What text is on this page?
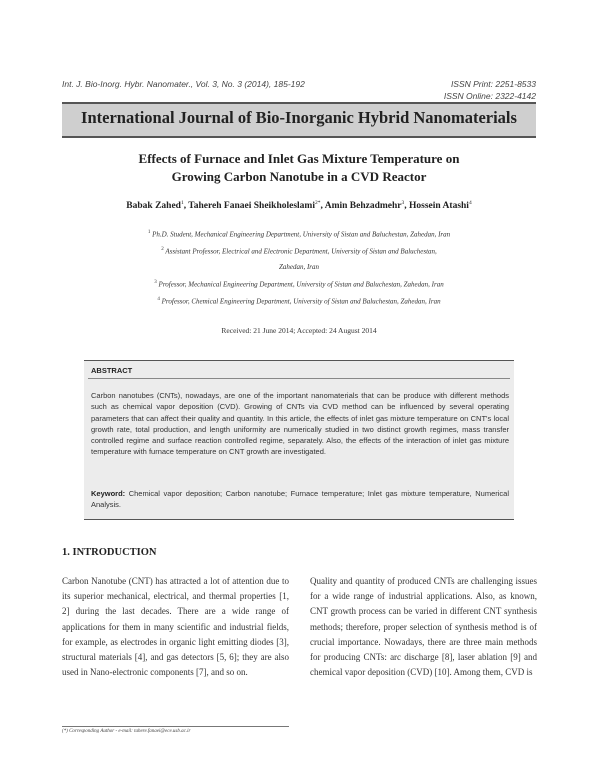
Int. J. Bio-Inorg. Hybr. Nanomater., Vol. 3, No. 3 (2014), 185-192	ISSN Print: 2251-8533
ISSN Online: 2322-4142
International Journal of Bio-Inorganic Hybrid Nanomaterials
Effects of Furnace and Inlet Gas Mixture Temperature on
Growing Carbon Nanotube in a CVD Reactor
Babak Zahed$^1$, Tahereh Fanaei Sheikholeslami$^{2*}$, Amin Behzadmehr$^3$, Hossein Atashi$^4$
$^1$ Ph.D. Student, Mechanical Engineering Department, University of Sistan and Baluchestan, Zahedan, Iran
$^2$ Assistant Professor, Electrical and Electronic Department, University of Sistan and Baluchestan,
Zahedan, Iran
$^3$ Professor, Mechanical Engineering Department, University of Sistan and Baluchestan, Zahedan, Iran
$^4$ Professor, Chemical Engineering Department, University of Sistan and Baluchestan, Zahedan, Iran
Received: 21 June 2014; Accepted: 24 August 2014
ABSTRACT
Carbon nanotubes (CNTs), nowadays, are one of the important nanomaterials that can be produce with different methods such as chemical vapor deposition (CVD). Growing of CNTs via CVD method can be influenced by several operating parameters that can affect their quality and quantity. In this article, the effects of inlet gas mixture temperature on CNT's local growth rate, total production, and length uniformity are numerically studied in two distinct growth regimes, mass transfer controlled regime and surface reaction controlled regime, separately. Also, the effects of the interaction of inlet gas mixture temperature with furnace temperature on CNT growth are investigated.
Keyword: Chemical vapor deposition; Carbon nanotube; Furnace temperature; Inlet gas mixture temperature, Numerical Analysis.
1. INTRODUCTION
Carbon Nanotube (CNT) has attracted a lot of attention due to its superior mechanical, electrical, and thermal properties [1, 2] during the last decades. There are a wide range of applications for them in many scientific and industrial fields, for example, as electrodes in organic light emitting diodes [3], structural materials [4], and gas detectors [5, 6]; they are also used in Nano-electronic components [7], and so on.
Quality and quantity of produced CNTs are challenging issues for a wide range of industrial applications. Also, as known, CNT growth process can be varied in different CNT synthesis methods; therefore, proper selection of synthesis method is of crucial importance. Nowadays, there are three main methods for producing CNTs: arc discharge [8], laser ablation [9] and chemical vapor deposition (CVD) [10]. Among them, CVD is
(*) Corresponding Author - e-mail: tahere.fanaei@ece.usb.ac.ir
